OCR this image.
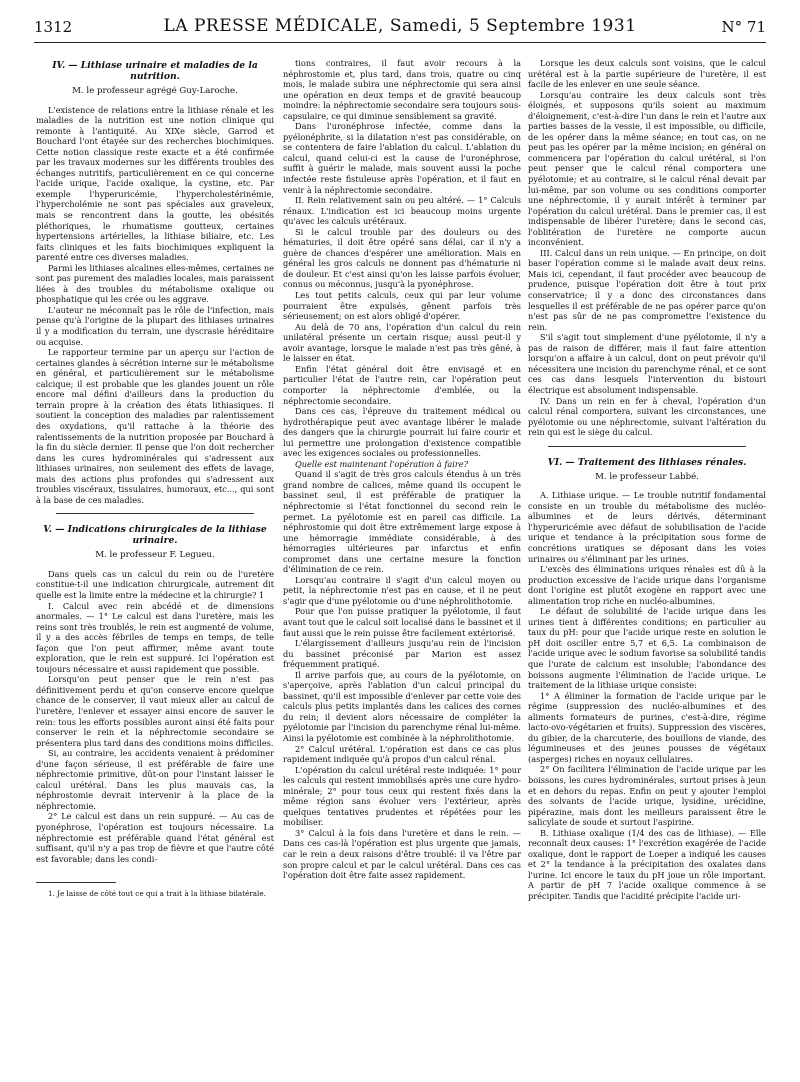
1312	LA PRESSE MÉDICALE, Samedi, 5 Septembre 1931	N° 71
IV. — Lithiase urinaire et maladies de la nutrition.

M. le professeur agrégé Guy-Laroche.

L'existence de relations entre la lithiase rénale et les maladies de la nutrition est une notion clinique qui remonte à l'antiquité. Au XIXe siècle, Garrod et Bouchard l'ont étayée sur des recherches biochimiques. Cette notion classique reste exacte et a été confirmée par les travaux modernes sur les différents troubles des échanges nutritifs, particulièrement en ce qui concerne l'acide urique, l'acide oxalique, la cystine, etc. Par exemple l'hyperuricémie, l'hypercholestérinémie, l'hypercholémie ne sont pas spéciales aux graveleux, mais se rencontrent dans la goutte, les obésités pléthoriques, le rhumatisme goutteux, certaines hypertensions artérielles, la lithiase biliaire, etc. Les faits cliniques et les faits biochimiques expliquent la parenté entre ces diverses maladies.

Parmi les lithiases alcalines elles-mêmes, certaines ne sont pas purement des maladies locales, mais paraissent liées à des troubles du métabolisme oxalique ou phosphatique qui les crée ou les aggrave.

L'auteur ne méconnaît pas le rôle de l'infection, mais pense qu'à l'origine de la plupart des lithiases urinaires il y a modification du terrain, une dyscrasie héréditaire ou acquise.

Le rapporteur termine par un aperçu sur l'action de certaines glandes à sécrétion interne sur le métabolisme en général, et particulièrement sur le métabolisme calcique; il est probable que les glandes jouent un rôle encore mal défini d'ailleurs dans la production du terrain propre à la création des états lithiasiques. Il soutient la conception des maladies par ralentissement des oxydations, qu'il rattache à la théorie des ralentissements de la nutrition proposée par Bouchard à la fin du siècle dernier. Il pense que l'on doit rechercher dans les cures hydrominérales qui s'adressent aux lithiases urinaires, non seulement des effets de lavage, mais des actions plus profondes qui s'adressent aux troubles viscéraux, tissulaires, humoraux, etc..., qui sont à la base de ces maladies.

V. — Indications chirurgicales de la lithiase urinaire.

M. le professeur F. Legueu.

Dans quels cas un calcul du rein ou de l'uretère constitue-t-il une indication chirurgicale, autrement dit quelle est la limite entre la médecine et la chirurgie? 1

I. Calcul avec rein abcédé et de dimensions anormales. — 1° Le calcul est dans l'uretère, mais les reins sont très troublés, le rein est augmenté de volume, il y a des accès fébriles de temps en temps, de telle façon que l'on peut affirmer, même avant toute exploration, que le rein est suppuré. Ici l'opération est toujours nécessaire et aussi rapidement que possible.

Lorsqu'on peut penser que le rein n'est pas définitivement perdu et qu'on conserve encore quelque chance de le conserver, il vaut mieux aller au calcul de l'uretère, l'enlever et essayer ainsi encore de sauver le rein: tous les efforts possibles auront ainsi été faits pour conserver le rein et la néphrectomie secondaire se présentera plus tard dans des conditions moins difficiles.

Si, au contraire, les accidents venaient à prédominer d'une façon sérieuse, il est préférable de faire une néphrectomie primitive, dût-on pour l'instant laisser le calcul urétéral. Dans les plus mauvais cas, la néphrostomie devrait intervenir à la place de la néphrectomie.

2° Le calcul est dans un rein suppuré. — Au cas de pyonéphrose, l'opération est toujours nécessaire. La néphrectomie est préférable quand l'état général est suffisant, qu'il n'y a pas trop de fièvre et que l'autre côté est favorable; dans les condi-

1. Je laisse de côté tout ce qui a trait à la lithiase bilatérale.

tions contraires, il faut avoir recours à la néphrostomie et, plus tard, dans trois, quatre ou cinq mois, le malade subira une néphrectomie qui sera ainsi une opération en deux temps et de gravité beaucoup moindre: la néphrectomie secondaire sera toujours sous-capsulaire, ce qui diminue sensiblement sa gravité.

Dans l'uronéphrose infectée, comme dans la pyélonéphrite, si la dilatation n'est pas considérable, on se contentera de faire l'ablation du calcul. L'ablation du calcul, quand celui-ci est la cause de l'uronéphrose, suffit à guérir le malade, mais souvent aussi la poche infectée reste fistuleuse après l'opération, et il faut en venir à la néphrectomie secondaire.

II. Rein relativement sain ou peu altéré. — 1° Calculs rénaux. L'indication est ici beaucoup moins urgente qu'avec les calculs urétéraux.

Si le calcul trouble par des douleurs ou des hématuries, il doit être opéré sans délai, car il n'y a guère de chances d'espérer une amélioration. Mais en général les gros calculs ne donnent pas d'hématurie ni de douleur. Et c'est ainsi qu'on les laisse parfois évoluer, connus ou méconnus, jusqu'à la pyonéphrose.

Les tout petits calculs, ceux qui par leur volume pourraient être expulsés, gênent parfois très sérieusement; on est alors obligé d'opérer.

Au delà de 70 ans, l'opération d'un calcul du rein unilatéral présente un certain risque; aussi peut-il y avoir avantage, lorsque le malade n'est pas très gêné, à le laisser en état.

Enfin l'état général doit être envisagé et en particulier l'état de l'autre rein, car l'opération peut comporter la néphrectomie d'emblée, ou la néphrectomie secondaire.

Dans ces cas, l'épreuve du traitement médical ou hydrothérapique peut avec avantage libérer le malade des dangers que la chirurgie pourrait lui faire courir et lui permettre une prolongation d'existence compatible avec les exigences sociales ou professionnelles.

Quelle est maintenant l'opération à faire?

Quand il s'agit de très gros calculs étendus à un très grand nombre de calices, même quand ils occupent le bassinet seul, il est préférable de pratiquer la néphrectomie si l'état fonctionnel du second rein le permet. La pyélotomie est en pareil cas difficile. La néphrostomie qui doit être extrêmement large expose à une hémorragie immédiate considérable, à des hémorragies ultérieures par infarctus et enfin compromet dans une certaine mesure la fonction d'élimination de ce rein.

Lorsqu'au contraire il s'agit d'un calcul moyen ou petit, la néphrectomie n'est pas en cause, et il ne peut s'agir que d'une pyélotomie ou d'une néphrolithotomie.

Pour que l'on puisse pratiquer la pyélotomie, il faut avant tout que le calcul soit localisé dans le bassinet et il faut aussi que le rein puisse être facilement extériorisé.

L'élargissement d'ailleurs jusqu'au rein de l'incision du bassinet préconisé par Marion est assez fréquemment pratiqué.

Il arrive parfois que, au cours de la pyélotomie, on s'aperçoive, après l'ablation d'un calcul principal du bassinet, qu'il est impossible d'enlever par cette voie des calculs plus petits implantés dans les calices des cornes du rein; il devient alors nécessaire de compléter la pyélotomie par l'incision du parenchyme rénal lui-même. Ainsi la pyélotomie est combinée à la néphrolithotomie.

2° Calcul urétéral. L'opération est dans ce cas plus rapidement indiquée qu'à propos d'un calcul rénal.

L'opération du calcul urétéral reste indiquée: 1° pour les calculs qui restent immobilisés après une cure hydro-minérale; 2° pour tous ceux qui restent fixés dans la même région sans évoluer vers l'extérieur, après quelques tentatives prudentes et répétées pour les mobiliser.

3° Calcul à la fois dans l'uretère et dans le rein. — Dans ces cas-là l'opération est plus urgente que jamais, car le rein a deux raisons d'être troublé: il va l'être par son propre calcul et par le calcul urétéral. Dans ces cas l'opération doit être faite assez rapidement.

Lorsque les deux calculs sont voisins, que le calcul urétéral est à la partie supérieure de l'uretère, il est facile de les enlever en une seule séance.

Lorsqu'au contraire les deux calculs sont très éloignés, et supposons qu'ils soient au maximum d'éloignement, c'est-à-dire l'un dans le rein et l'autre aux parties basses de la vessie, il est impossible, ou difficile, de les opérer dans la même séance; en tout cas, on ne peut pas les opérer par la même incision; en général on commencera par l'opération du calcul urétéral, si l'on peut penser que le calcul rénal comportera une pyélotomie; et au contraire, si le calcul rénal devait par lui-même, par son volume ou ses conditions comporter une néphrectomie, il y aurait intérêt à terminer par l'opération du calcul urétéral. Dans le premier cas, il est indispensable de libérer l'uretère; dans le second cas, l'oblitération de l'uretère ne comporte aucun inconvénient.

III. Calcul dans un rein unique. — En principe, on doit baser l'opération comme si le malade avait deux reins. Mais ici, cependant, il faut procéder avec beaucoup de prudence, puisque l'opération doit être à tout prix conservatrice; il y a donc des circonstances dans lesquelles il est préférable de ne pas opérer parce qu'on n'est pas sûr de ne pas compromettre l'existence du rein.

S'il s'agit tout simplement d'une pyélotomie, il n'y a pas de raison de différer, mais il faut faire attention lorsqu'on a affaire à un calcul, dont on peut prévoir qu'il nécessitera une incision du parenchyme rénal, et ce sont ces cas dans lesquels l'intervention du bistouri électrique est absolument indispensable.

IV. Dans un rein en fer à cheval, l'opération d'un calcul rénal comportera, suivant les circonstances, une pyélotomie ou une néphrectomie, suivant l'altération du rein qui est le siège du calcul.

VI. — Traitement des lithiases rénales.

M. le professeur Labbé.

A. Lithiase urique. — Le trouble nutritif fondamental consiste en un trouble du métabolisme des nucléo-albumines et de leurs dérivés, déterminant l'hyperuricémie avec défaut de solubilisation de l'acide urique et tendance à la précipitation sous forme de concrétions uratiques se déposant dans les voies urinaires ou s'éliminant par les urines.

L'excès des éliminations uriques rénales est dû à la production excessive de l'acide urique dans l'organisme dont l'origine est plutôt exogène en rapport avec une alimentation trop riche en nucléo-albumines.

Le défaut de solubilité de l'acide urique dans les urines tient à différentes conditions; en particulier au taux du pH: pour que l'acide urique reste en solution le pH doit osciller entre 5,7 et 6,5. La combinaison de l'acide urique avec le sodium favorise sa solubilité tandis que l'urate de calcium est insoluble; l'abondance des boissons augmente l'élimination de l'acide urique. Le traitement de la lithiase urique consiste:

1° A éliminer la formation de l'acide urique par le régime (suppression des nucléo-albumines et des aliments formateurs de purines, c'est-à-dire, régime lacto-ovo-végétarien et fruits). Suppression des viscères, du gibier, de la charcuterie, des bouillons de viande, des légumineuses et des jeunes pousses de végétaux (asperges) riches en noyaux cellulaires.

2° On facilitera l'élimination de l'acide urique par les boissons, les cures hydrominérales, surtout prises à jeun et en dehors du repas. Enfin on peut y ajouter l'emploi des solvants de l'acide urique, lysidine, urécidine, pipérazine, mais dont les meilleurs paraissent être le salicylate de soude et surtout l'aspirine.

B. Lithiase oxalique (1/4 des cas de lithiase). — Elle reconnaît deux causes: 1° l'excrétion exagérée de l'acide oxalique, dont le rapport de Loeper a indiqué les causes et 2° la tendance à la précipitation des oxalates dans l'urine. Ici encore le taux du pH joue un rôle important. A partir de pH 7 l'acide oxalique commence à se précipiter. Tandis que l'acidité précipite l'acide uri-
